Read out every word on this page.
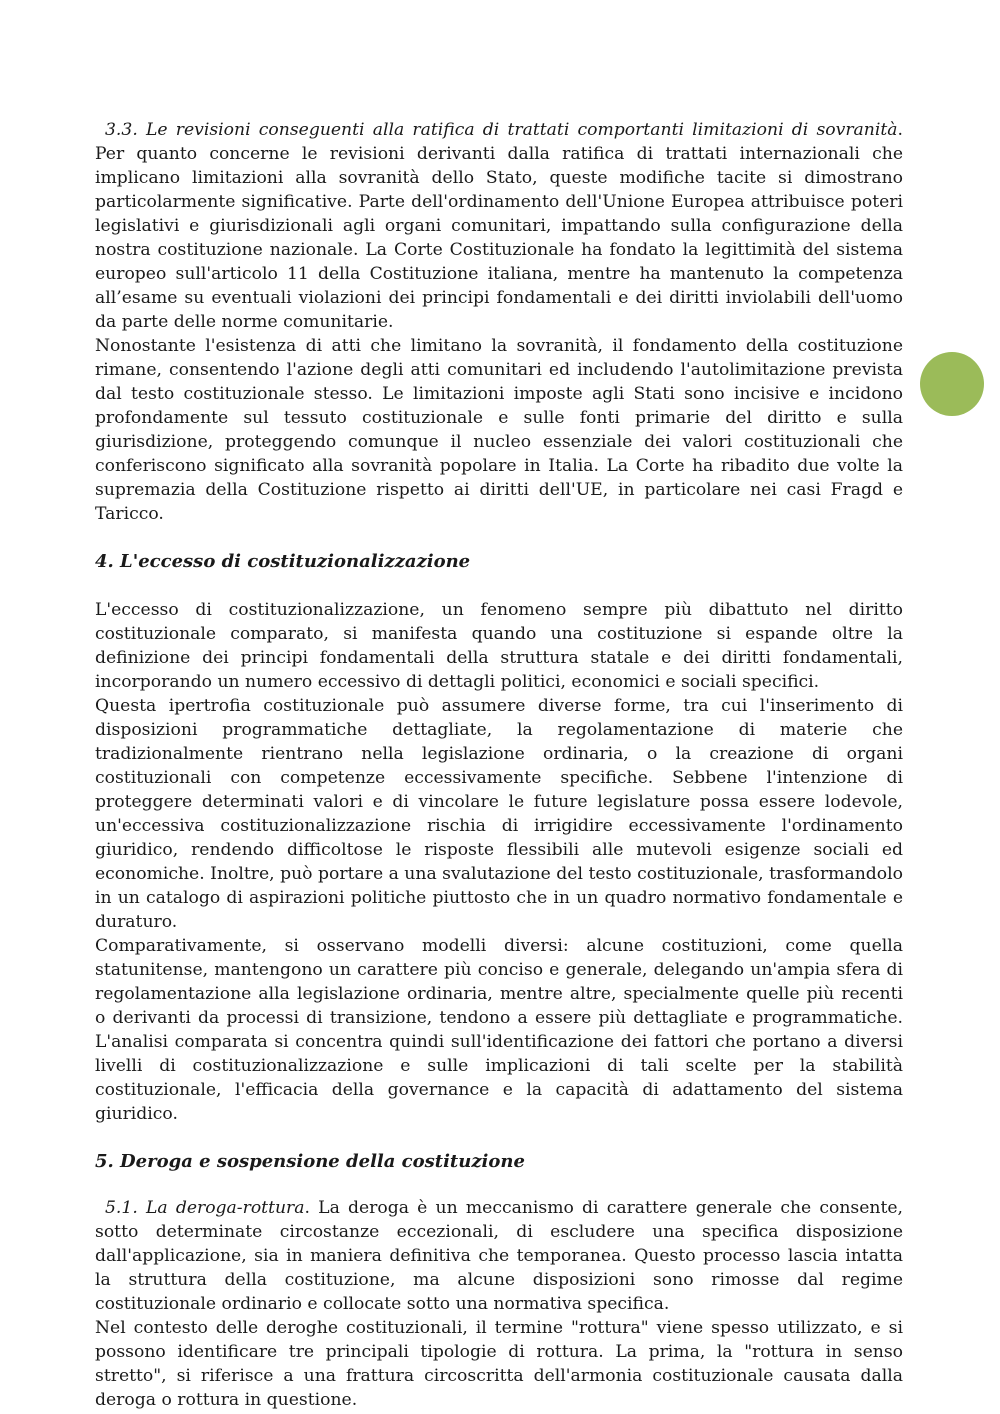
3.3. Le revisioni conseguenti alla ratifica di trattati comportanti limitazioni di sovranità. Per quanto concerne le revisioni derivanti dalla ratifica di trattati internazionali che implicano limitazioni alla sovranità dello Stato, queste modifiche tacite si dimostrano particolarmente significative. Parte dell'ordinamento dell'Unione Europea attribuisce poteri legislativi e giurisdizionali agli organi comunitari, impattando sulla configurazione della nostra costituzione nazionale. La Corte Costituzionale ha fondato la legittimità del sistema europeo sull'articolo 11 della Costituzione italiana, mentre ha mantenuto la competenza all’esame su eventuali violazioni dei principi fondamentali e dei diritti inviolabili dell'uomo da parte delle norme comunitarie.

Nonostante l'esistenza di atti che limitano la sovranità, il fondamento della costituzione rimane, consentendo l'azione degli atti comunitari ed includendo l'autolimitazione prevista dal testo costituzionale stesso. Le limitazioni imposte agli Stati sono incisive e incidono profondamente sul tessuto costituzionale e sulle fonti primarie del diritto e sulla giurisdizione, proteggendo comunque il nucleo essenziale dei valori costituzionali che conferiscono significato alla sovranità popolare in Italia. La Corte ha ribadito due volte la supremazia della Costituzione rispetto ai diritti dell'UE, in particolare nei casi Fragd e Taricco.

4. L'eccesso di costituzionalizzazione

L'eccesso di costituzionalizzazione, un fenomeno sempre più dibattuto nel diritto costituzionale comparato, si manifesta quando una costituzione si espande oltre la definizione dei principi fondamentali della struttura statale e dei diritti fondamentali, incorporando un numero eccessivo di dettagli politici, economici e sociali specifici.

Questa ipertrofia costituzionale può assumere diverse forme, tra cui l'inserimento di disposizioni programmatiche dettagliate, la regolamentazione di materie che tradizionalmente rientrano nella legislazione ordinaria, o la creazione di organi costituzionali con competenze eccessivamente specifiche. Sebbene l'intenzione di proteggere determinati valori e di vincolare le future legislature possa essere lodevole, un'eccessiva costituzionalizzazione rischia di irrigidire eccessivamente l'ordinamento giuridico, rendendo difficoltose le risposte flessibili alle mutevoli esigenze sociali ed economiche. Inoltre, può portare a una svalutazione del testo costituzionale, trasformandolo in un catalogo di aspirazioni politiche piuttosto che in un quadro normativo fondamentale e duraturo.

Comparativamente, si osservano modelli diversi: alcune costituzioni, come quella statunitense, mantengono un carattere più conciso e generale, delegando un'ampia sfera di regolamentazione alla legislazione ordinaria, mentre altre, specialmente quelle più recenti o derivanti da processi di transizione, tendono a essere più dettagliate e programmatiche. L'analisi comparata si concentra quindi sull'identificazione dei fattori che portano a diversi livelli di costituzionalizzazione e sulle implicazioni di tali scelte per la stabilità costituzionale, l'efficacia della governance e la capacità di adattamento del sistema giuridico.

5. Deroga e sospensione della costituzione

5.1. La deroga-rottura. La deroga è un meccanismo di carattere generale che consente, sotto determinate circostanze eccezionali, di escludere una specifica disposizione dall'applicazione, sia in maniera definitiva che temporanea. Questo processo lascia intatta la struttura della costituzione, ma alcune disposizioni sono rimosse dal regime costituzionale ordinario e collocate sotto una normativa specifica.

Nel contesto delle deroghe costituzionali, il termine "rottura" viene spesso utilizzato, e si possono identificare tre principali tipologie di rottura. La prima, la "rottura in senso stretto", si riferisce a una frattura circoscritta dell'armonia costituzionale causata dalla deroga o rottura in questione.
